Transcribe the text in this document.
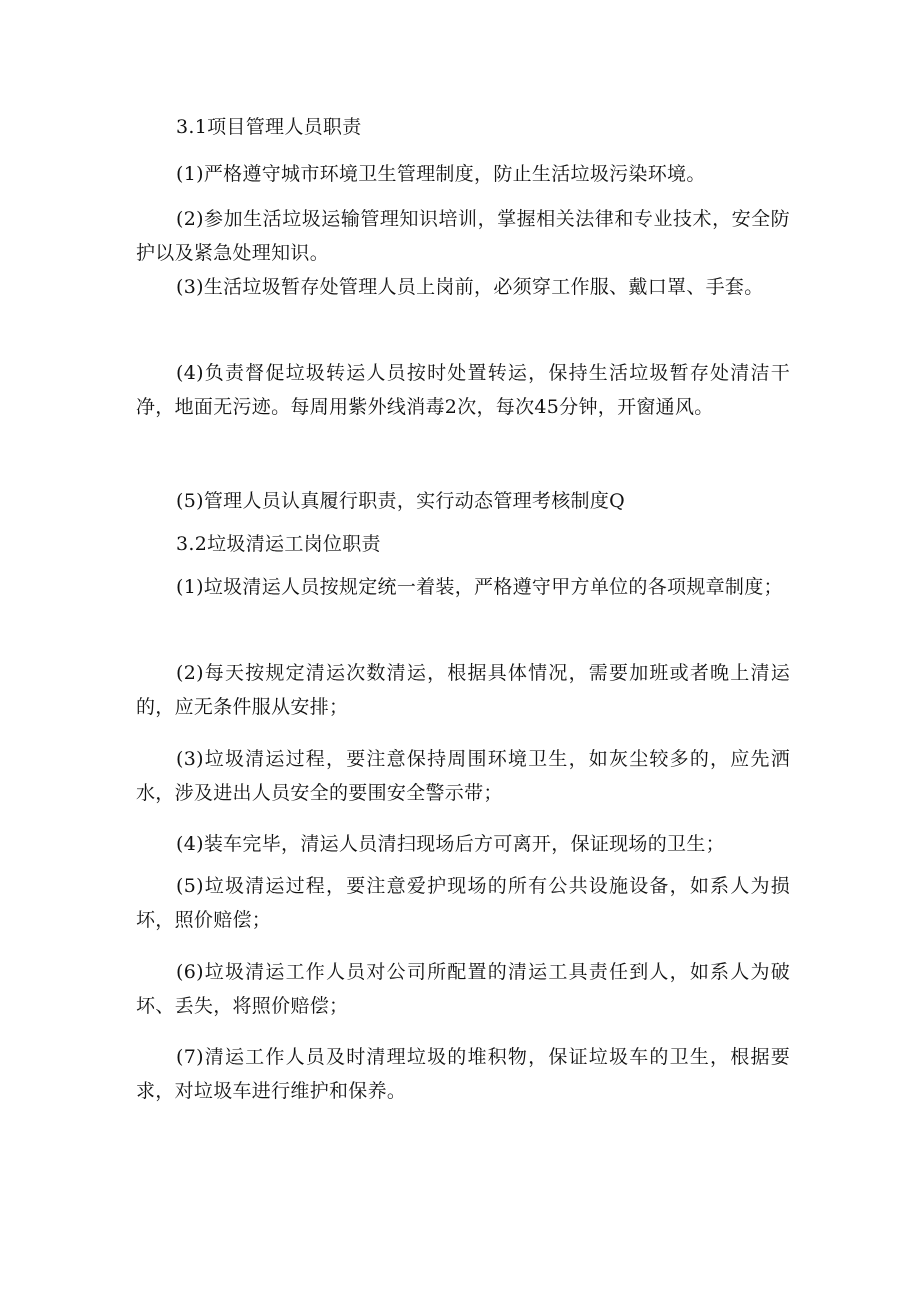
3.1项目管理人员职责

(1)严格遵守城市环境卫生管理制度，防止生活垃圾污染环境。

(2)参加生活垃圾运输管理知识培训，掌握相关法律和专业技术，安全防护以及紧急处理知识。

(3)生活垃圾暂存处管理人员上岗前，必须穿工作服、戴口罩、手套。

(4)负责督促垃圾转运人员按时处置转运，保持生活垃圾暂存处清洁干净，地面无污迹。每周用紫外线消毒2次，每次45分钟，开窗通风。

(5)管理人员认真履行职责，实行动态管理考核制度Q

3.2垃圾清运工岗位职责

(1)垃圾清运人员按规定统一着装，严格遵守甲方单位的各项规章制度；

(2)每天按规定清运次数清运，根据具体情况，需要加班或者晚上清运的，应无条件服从安排；

(3)垃圾清运过程，要注意保持周围环境卫生，如灰尘较多的，应先洒水，涉及进出人员安全的要围安全警示带；

(4)装车完毕，清运人员清扫现场后方可离开，保证现场的卫生；

(5)垃圾清运过程，要注意爱护现场的所有公共设施设备，如系人为损坏，照价赔偿；

(6)垃圾清运工作人员对公司所配置的清运工具责任到人，如系人为破坏、丢失，将照价赔偿；

(7)清运工作人员及时清理垃圾的堆积物，保证垃圾车的卫生，根据要求，对垃圾车进行维护和保养。
